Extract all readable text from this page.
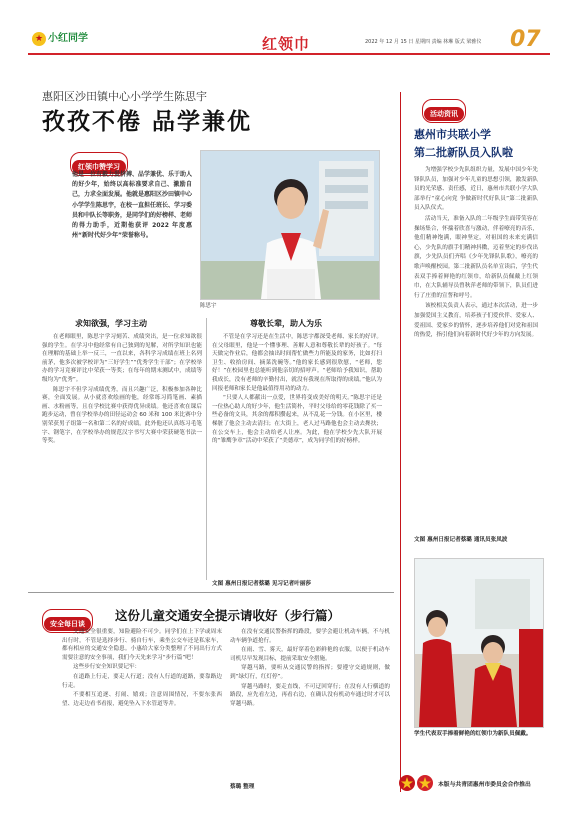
★ 小红同学	红领巾	2022 年 12 月 15 日 星期四 责编 林琳 版式 梁雅仪 07
惠阳区沙田镇中心小学学生陈思宇
孜孜不倦 品学兼优
红领巾赞学习
他是一位有毅力爱拼搏、品学兼优、乐于助人的好少年，始终以高标准要求自己、激励自己，力求全面发展。他就是惠阳区沙田镇中心小学学生陈思宇，在校一直担任班长、学习委员和中队长等职务，是同学们的好榜样、老师的得力助手，近期他获评 2022 年度惠州“新时代好少年”荣誉称号。
陈思宇
求知欲强，学习主动

在老师眼里，陈思宇学习刻苦、成绩突出，是一位求知欲很强的学生。在学习中他经常有自己独到的见解，对所学知识也能在理解的基础上举一反三，一直以来，各科学习成绩在班上名列前茅，他多次被学校评为“三好学生”“优秀学生干部”；在学校举办的学习竞赛评比中荣获一等奖；在每年的期末测试中，成绩等级均为“优秀”。

陈思宇不但学习成绩优秀，而且兴趣广泛，积极参加各种比赛，全面发展。从小就喜欢绘画的他，经常练习简笔画、素描画、水粉画等，且在学校比赛中获得优异成绩。他还喜欢在课后跑步运动，曾在学校举办的田径运动会 60 米和 100 米比赛中分别荣获男子组第一名和第二名的好成绩。此外他还认真练习毛笔字、钢笔字，在学校举办的规范汉字书写大赛中荣获硬笔书法一等奖。

尊敬长辈，助人为乐

不管是在学习还是在生活中，陈思宇都深受老师、家长的好评。在父母眼里，他是一个懂事理、善解人意和尊敬长辈的好孩子。“每天做完作业后，他都会抽出时间帮忙做些力所能及的家务，比如打扫卫生、收拾房间、摘菜洗碗等。”他的家长感到很欣慰，“老师，您好！”在校园里也总能听到他亲切的招呼声。“老师给予我知识，帮助我成长，没有老师的辛勤付出，就没有我现在所取得的成绩。”他认为回报老师和家长是他最值得用功的动力。

“只要人人都献出一点爱，世界将变成美好的明天。”陈思宇还是一位热心助人的好少年，他生活简朴，平时父母给的零花钱除了买一些必备的文具，其余的都积攒起来，从不乱花一分钱。在小区里，楼梯脏了他会主动去清扫；在大街上，老人过马路他也会主动去搀扶；在公交车上，他会主动给老人让座。为此，他在学校少先大队开展的“雏鹰争章”活动中荣获了“美德章”，成为同学们的好榜样。

文图 惠州日报记者蔡璐 见习记者叶丽莎
安全每日谈
这份儿童交通安全提示请收好（步行篇）

交通安全很重要，知险避险不可少。同学们在上下学或周末出行时，不管是选择步行、骑自行车，乘坐公交车还是私家车，都有相应的交通安全隐患。小惠给大家分类整理了不同出行方式需要注意的安全事项，我们今天先来学习“步行篇”吧！

这些步行安全知识要记牢：

在道路上行走，要走人行道；没有人行道的道路，要靠路边行走。

不要相互追逐、打闹、嬉戏；注意周围情况，不要东张西望、边走边看书看报，避免坠入下水管道等井。

在没有交通民警指挥的路段，要学会避让机动车辆，不与机动车辆争道抢行。

在雨、雪、雾天，最好穿着色彩鲜艳的衣服，以便于机动车司机尽早发现目标，提前采取安全措施。

穿越马路，要听从交通民警的指挥；要遵守交通规则，做到“绿灯行，红灯停”。

穿越马路时，要走直线，不可迂回穿行；在没有人行横道的路段，应先看左边，再看右边，在确认没有机动车通过时才可以穿越马路。

蔡璐 整理
活动资讯
惠州市共联小学
第二批新队员入队啦

为增强学校少先队组织力量，发展中国少年先锋队队员，加强对少年儿童的思想引领，激发新队员的光荣感、责任感，近日，惠州市共联小学大队部举行“童心向党 争做新时代好队员”第二批新队员入队仪式。

活动当天，准备入队的二年级学生面带笑容在操场集合，怀揣着欣喜与激动，伴着嘹亮的音乐，他们精神饱满，眼神坚定，对祖国的未来充满信心，少先队的旗手们精神抖擞，迈着坚定的步伐出旗，少先队员们齐唱《少年先锋队队歌》，嘹亮的歌声唤醒校园。第二批新队员名单宣读后，学生代表双手捧着鲜艳的红领巾，给新队员佩戴上红领巾，在大队辅导员曾秋萍老师的带领下，队员们进行了庄重的宣誓和呼号。

该校相关负责人表示，通过本次活动，进一步加强爱国主义教育，培养孩子们爱伙伴、爱家人、爱祖国、爱家乡的情怀，逐步培养他们对党和祖国的热爱，指引他们向着新时代好少年的方向发展。

文图 惠州日报记者蔡璐 通讯员张凤波
学生代表双手捧着鲜艳的红领巾为新队员佩戴。
本版与共青团惠州市委员会合作推出
